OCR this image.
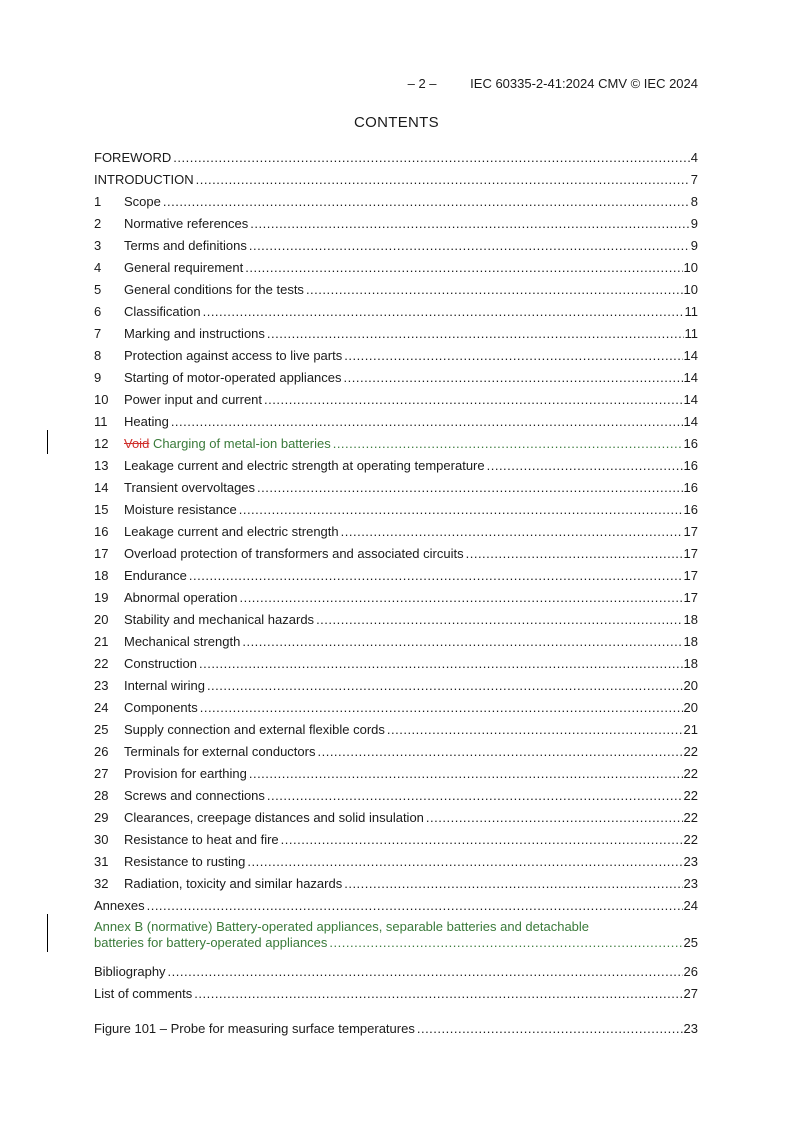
– 2 –	IEC 60335-2-41:2024 CMV © IEC 2024
CONTENTS
FOREWORD .....	4
INTRODUCTION .....	7
1	Scope .....	8
2	Normative references .....	9
3	Terms and definitions .....	9
4	General requirement .....	10
5	General conditions for the tests .....	10
6	Classification .....	11
7	Marking and instructions .....	11
8	Protection against access to live parts .....	14
9	Starting of motor-operated appliances .....	14
10	Power input and current .....	14
11	Heating .....	14
12	Void Charging of metal-ion batteries .....	16
13	Leakage current and electric strength at operating temperature .....	16
14	Transient overvoltages .....	16
15	Moisture resistance .....	16
16	Leakage current and electric strength .....	17
17	Overload protection of transformers and associated circuits .....	17
18	Endurance .....	17
19	Abnormal operation .....	17
20	Stability and mechanical hazards .....	18
21	Mechanical strength .....	18
22	Construction .....	18
23	Internal wiring .....	20
24	Components .....	20
25	Supply connection and external flexible cords .....	21
26	Terminals for external conductors .....	22
27	Provision for earthing .....	22
28	Screws and connections .....	22
29	Clearances, creepage distances and solid insulation .....	22
30	Resistance to heat and fire .....	22
31	Resistance to rusting .....	23
32	Radiation, toxicity and similar hazards .....	23
Annexes .....	24
Annex B (normative) Battery-operated appliances, separable batteries and detachable
batteries for battery-operated appliances .....	25
Bibliography .....	26
List of comments .....	27
Figure 101 – Probe for measuring surface temperatures .....	23
